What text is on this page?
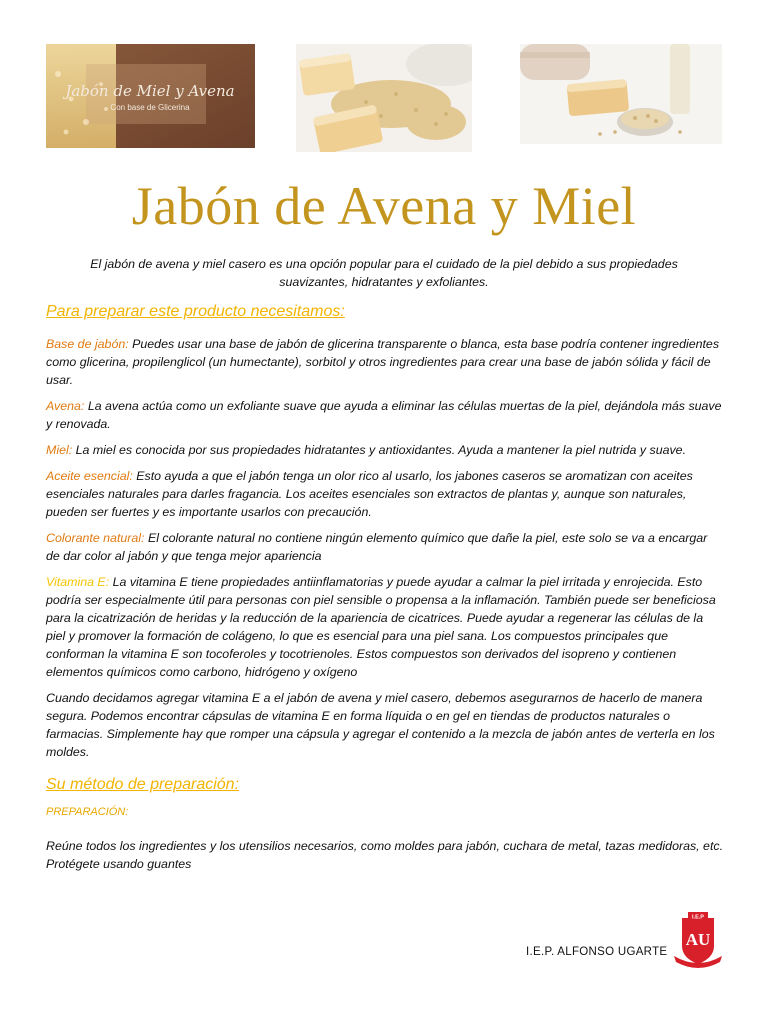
Jabón de Miel y Avena
Con base de Glicerina
Jabón de Avena y Miel
El jabón de avena y miel casero es una opción popular para el cuidado de la piel debido a sus propiedades suavizantes, hidratantes y exfoliantes.
Para preparar este producto necesitamos:

Base de jabón: Puedes usar una base de jabón de glicerina transparente o blanca, esta base podría contener ingredientes como glicerina, propilenglicol (un humectante), sorbitol y otros ingredientes para crear una base de jabón sólida y fácil de usar.

Avena: La avena actúa como un exfoliante suave que ayuda a eliminar las células muertas de la piel, dejándola más suave y renovada.

Miel: La miel es conocida por sus propiedades hidratantes y antioxidantes. Ayuda a mantener la piel nutrida y suave.

Aceite esencial: Esto ayuda a que el jabón tenga un olor rico al usarlo, los jabones caseros se aromatizan con aceites esenciales naturales para darles fragancia. Los aceites esenciales son extractos de plantas y, aunque son naturales, pueden ser fuertes y es importante usarlos con precaución.

Colorante natural: El colorante natural no contiene ningún elemento químico que dañe la piel, este solo se va a encargar de dar color al jabón y que tenga mejor apariencia

Vitamina E: La vitamina E tiene propiedades antiinflamatorias y puede ayudar a calmar la piel irritada y enrojecida. Esto podría ser especialmente útil para personas con piel sensible o propensa a la inflamación. También puede ser beneficiosa para la cicatrización de heridas y la reducción de la apariencia de cicatrices. Puede ayudar a regenerar las células de la piel y promover la formación de colágeno, lo que es esencial para una piel sana. Los compuestos principales que conforman la vitamina E son tocoferoles y tocotrienoles. Estos compuestos son derivados del isopreno y contienen elementos químicos como carbono, hidrógeno y oxígeno

Cuando decidamos agregar vitamina E a el jabón de avena y miel casero, debemos asegurarnos de hacerlo de manera segura. Podemos encontrar cápsulas de vitamina E en forma líquida o en gel en tiendas de productos naturales o farmacias. Simplemente hay que romper una cápsula y agregar el contenido a la mezcla de jabón antes de verterla en los moldes.

Su método de preparación:
PREPARACIÓN:

Reúne todos los ingredientes y los utensilios necesarios, como moldes para jabón, cuchara de metal, tazas medidoras, etc. Protégete usando guantes

I.E.P. ALFONSO UGARTE
I.E.P
AU
